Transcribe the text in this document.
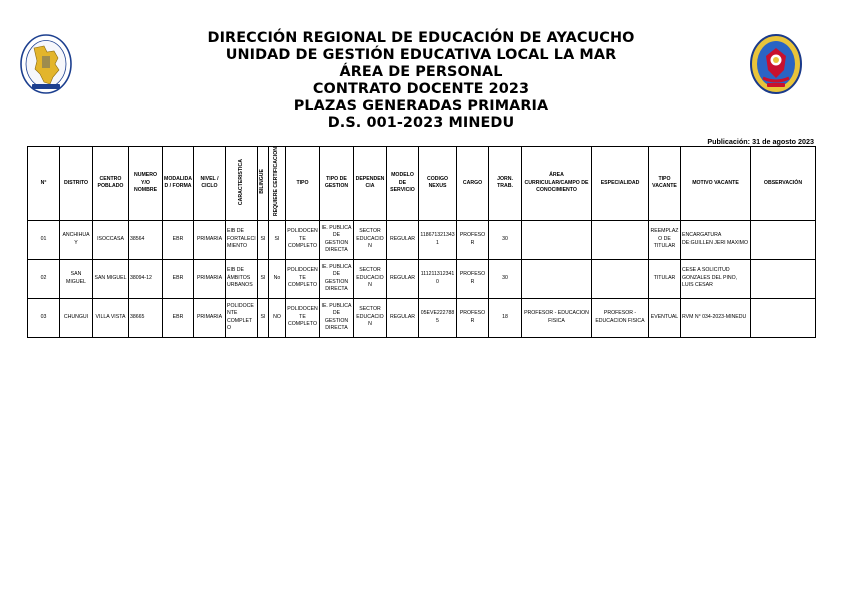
DIRECCIÓN REGIONAL DE EDUCACIÓN DE AYACUCHO
UNIDAD DE GESTIÓN EDUCATIVA LOCAL LA MAR
ÁREA DE PERSONAL
CONTRATO DOCENTE 2023
PLAZAS GENERADAS PRIMARIA
D.S. 001-2023 MINEDU
Publicación: 31 de agosto 2023
N°	DISTRITO	CENTRO POBLADO	NUMERO Y/O NOMBRE	MODALIDAD / FORMA	NIVEL / CICLO	CARACTERISTICA	BILINGUE	REQUIERE CERTIFICACION	TIPO	TIPO DE GESTION	DEPENDENCIA	MODELO DE SERVICIO	CODIGO NEXUS	CARGO	JORN. TRAB.	ÁREA CURRICULAR/CAMPO DE CONOCIMIENTO	ESPECIALIDAD	TIPO VACANTE	MOTIVO VACANTE	OBSERVACIÓN
01	ANCHIHUAY	ISOCCASA	38564	EBR	PRIMARIA	EIB DE FORTALECIMIENTO	SI	SI	POLIDOCENTE COMPLETO	IE. PUBLICA DE GESTION DIRECTA	SECTOR EDUCACION	REGULAR	1186713213431	PROFESOR	30			REEMPLAZO DE TITULAR	ENCARGATURA DE:GUILLEN JERI MAXIMO	
02	SAN MIGUEL	SAN MIGUEL	38094-12	EBR	PRIMARIA	EIB DE ÁMBITOS URBANOS	SI	No	POLIDOCENTE COMPLETO	IE. PUBLICA DE GESTION DIRECTA	SECTOR EDUCACION	REGULAR	1112113123410	PROFESOR	30			TITULAR	CESE A SOLICITUD GONZALES DEL PINO, LUIS CESAR	
03	CHUNGUI	VILLA VISTA	38665	EBR	PRIMARIA	POLIDOCENTE COMPLETO	SI	NO	POLIDOCENTE COMPLETO	IE. PUBLICA DE GESTION DIRECTA	SECTOR EDUCACION	REGULAR	05EVE2227885	PROFESOR	18	PROFESOR - EDUCACION FISICA	PROFESOR - EDUCACION FISICA	EVENTUAL	RVM N° 034-2023-MINEDU	
